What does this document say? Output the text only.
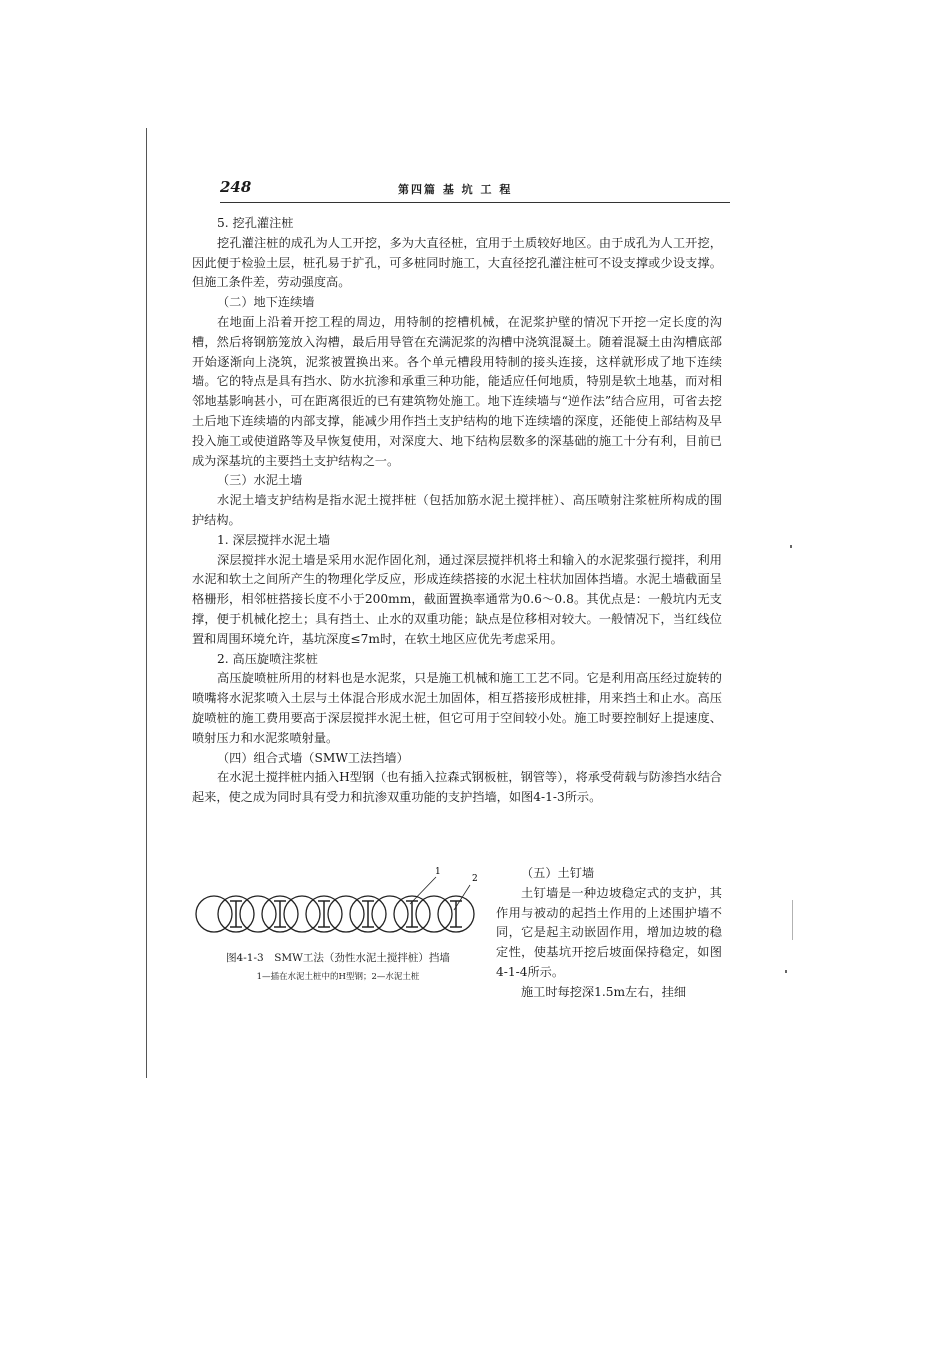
248	第四篇 基 坑 工 程

5. 挖孔灌注桩

挖孔灌注桩的成孔为人工开挖，多为大直径桩，宜用于土质较好地区。由于成孔为人工开挖，因此便于检验土层，桩孔易于扩孔，可多桩同时施工，大直径挖孔灌注桩可不设支撑或少设支撑。但施工条件差，劳动强度高。

（二）地下连续墙

在地面上沿着开挖工程的周边，用特制的挖槽机械，在泥浆护壁的情况下开挖一定长度的沟槽，然后将钢筋笼放入沟槽，最后用导管在充满泥浆的沟槽中浇筑混凝土。随着混凝土由沟槽底部开始逐渐向上浇筑，泥浆被置换出来。各个单元槽段用特制的接头连接，这样就形成了地下连续墙。它的特点是具有挡水、防水抗渗和承重三种功能，能适应任何地质，特别是软土地基，而对相邻地基影响甚小，可在距离很近的已有建筑物处施工。地下连续墙与“逆作法”结合应用，可省去挖土后地下连续墙的内部支撑，能减少用作挡土支护结构的地下连续墙的深度，还能使上部结构及早投入施工或使道路等及早恢复使用，对深度大、地下结构层数多的深基础的施工十分有利，目前已成为深基坑的主要挡土支护结构之一。

（三）水泥土墙

水泥土墙支护结构是指水泥土搅拌桩（包括加筋水泥土搅拌桩）、高压喷射注浆桩所构成的围护结构。

1. 深层搅拌水泥土墙

深层搅拌水泥土墙是采用水泥作固化剂，通过深层搅拌机将土和输入的水泥浆强行搅拌，利用水泥和软土之间所产生的物理化学反应，形成连续搭接的水泥土柱状加固体挡墙。水泥土墙截面呈格栅形，相邻桩搭接长度不小于200mm，截面置换率通常为0.6～0.8。其优点是：一般坑内无支撑，便于机械化挖土；具有挡土、止水的双重功能；缺点是位移相对较大。一般情况下，当红线位置和周围环境允许，基坑深度≤7m时，在软土地区应优先考虑采用。

2. 高压旋喷注浆桩

高压旋喷桩所用的材料也是水泥浆，只是施工机械和施工工艺不同。它是利用高压经过旋转的喷嘴将水泥浆喷入土层与土体混合形成水泥土加固体，相互搭接形成桩排，用来挡土和止水。高压旋喷桩的施工费用要高于深层搅拌水泥土桩，但它可用于空间较小处。施工时要控制好上提速度、喷射压力和水泥浆喷射量。

（四）组合式墙（SMW工法挡墙）

在水泥土搅拌桩内插入H型钢（也有插入拉森式钢板桩，钢管等），将承受荷载与防渗挡水结合起来，使之成为同时具有受力和抗渗双重功能的支护挡墙，如图4-1-3所示。

1
2
图4-1-3　SMW工法（劲性水泥土搅拌桩）挡墙
1—插在水泥土桩中的H型钢；2—水泥土桩

（五）土钉墙

土钉墙是一种边坡稳定式的支护，其作用与被动的起挡土作用的上述围护墙不同，它是起主动嵌固作用，增加边坡的稳定性，使基坑开挖后坡面保持稳定，如图4-1-4所示。

施工时每挖深1.5m左右，挂细
